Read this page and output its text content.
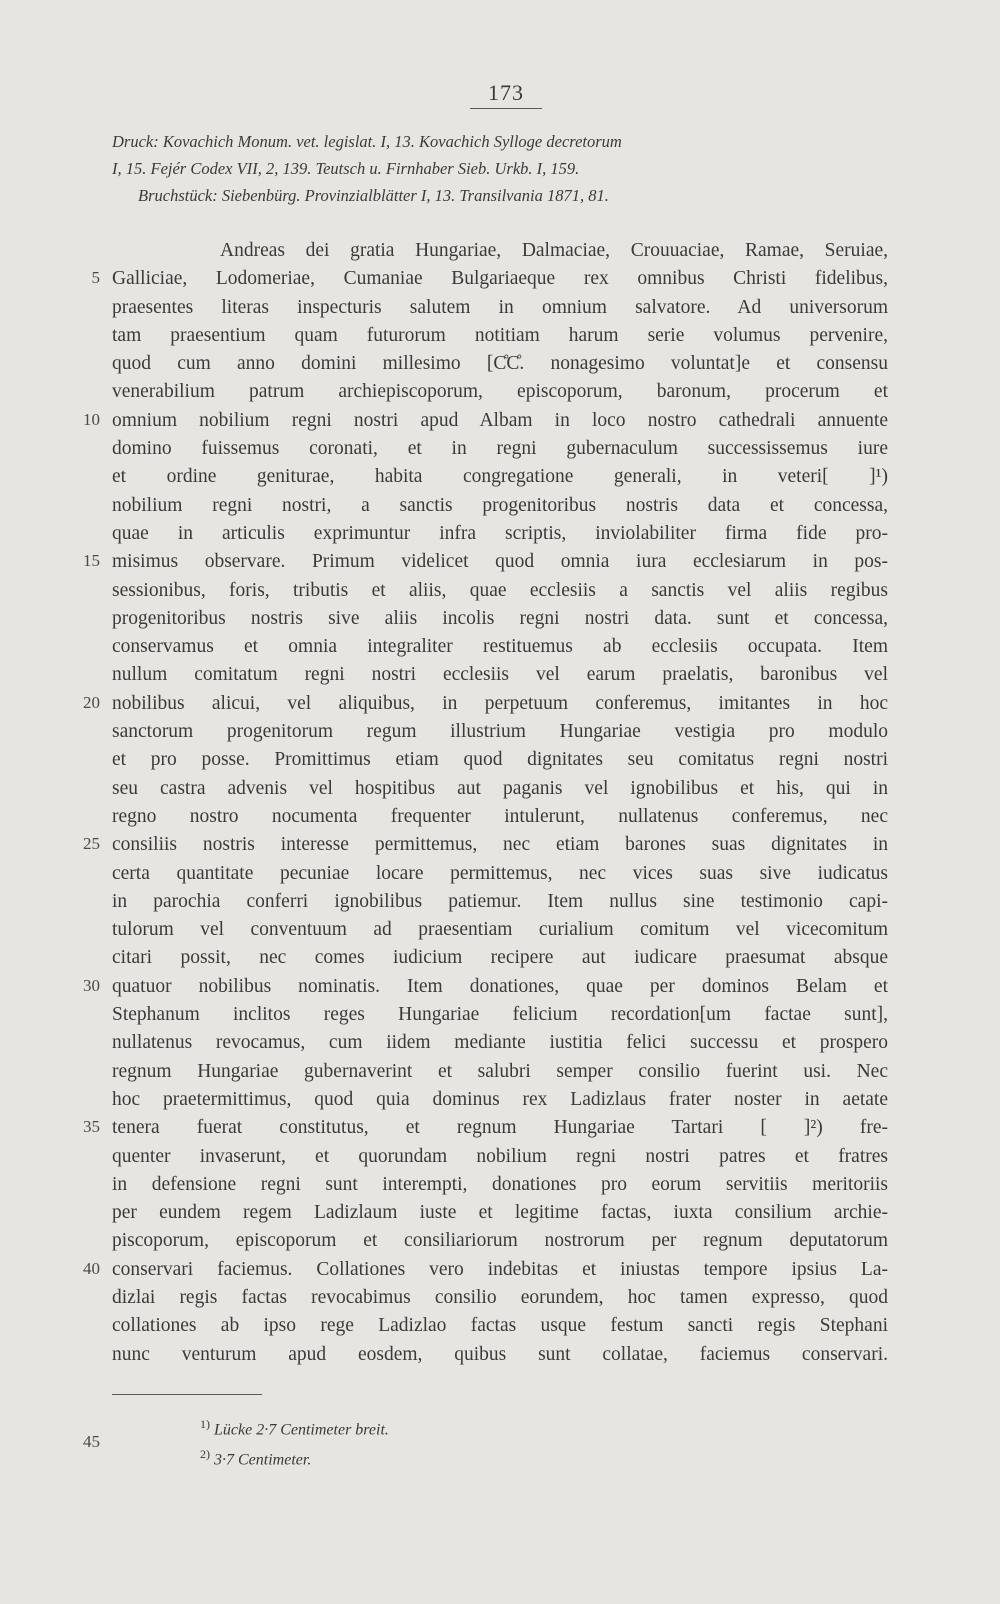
173
Druck: Kovachich Monum. vet. legislat. I, 13. Kovachich Sylloge decretorum
I, 15. Fejér Codex VII, 2, 139. Teutsch u. Firnhaber Sieb. Urkb. I, 159.
Bruchstück: Siebenbürg. Provinzialblätter I, 13. Transilvania 1871, 81.
Andreas dei gratia Hungariae, Dalmaciae, Crouuaciae, Ramae, Seruiae,
Galliciae, Lodomeriae, Cumaniae Bulgariaeque rex omnibus Christi fidelibus,
praesentes literas inspecturis salutem in omnium salvatore. Ad universorum
tam praesentium quam futurorum notitiam harum serie volumus pervenire,
quod cum anno domini millesimo [C̊C̊. nonagesimo voluntat]e et consensu
venerabilium patrum archiepiscoporum, episcoporum, baronum, procerum et
omnium nobilium regni nostri apud Albam in loco nostro cathedrali annuente
domino fuissemus coronati, et in regni gubernaculum successissemus iure
et ordine geniturae, habita congregatione generali, in veteri[ ]¹)
nobilium regni nostri, a sanctis progenitoribus nostris data et concessa,
quae in articulis exprimuntur infra scriptis, inviolabiliter firma fide pro-
misimus observare. Primum videlicet quod omnia iura ecclesiarum in pos-
sessionibus, foris, tributis et aliis, quae ecclesiis a sanctis vel aliis regibus
progenitoribus nostris sive aliis incolis regni nostri data. sunt et concessa,
conservamus et omnia integraliter restituemus ab ecclesiis occupata. Item
nullum comitatum regni nostri ecclesiis vel earum praelatis, baronibus vel
nobilibus alicui, vel aliquibus, in perpetuum conferemus, imitantes in hoc
sanctorum progenitorum regum illustrium Hungariae vestigia pro modulo
et pro posse. Promittimus etiam quod dignitates seu comitatus regni nostri
seu castra advenis vel hospitibus aut paganis vel ignobilibus et his, qui in
regno nostro nocumenta frequenter intulerunt, nullatenus conferemus, nec
consiliis nostris interesse permittemus, nec etiam barones suas dignitates in
certa quantitate pecuniae locare permittemus, nec vices suas sive iudicatus
in parochia conferri ignobilibus patiemur. Item nullus sine testimonio capi-
tulorum vel conventuum ad praesentiam curialium comitum vel vicecomitum
citari possit, nec comes iudicium recipere aut iudicare praesumat absque
quatuor nobilibus nominatis. Item donationes, quae per dominos Belam et
Stephanum inclitos reges Hungariae felicium recordation[um factae sunt],
nullatenus revocamus, cum iidem mediante iustitia felici successu et prospero
regnum Hungariae gubernaverint et salubri semper consilio fuerint usi. Nec
hoc praetermittimus, quod quia dominus rex Ladizlaus frater noster in aetate
tenera fuerat constitutus, et regnum Hungariae Tartari [ ]²) fre-
quenter invaserunt, et quorundam nobilium regni nostri patres et fratres
in defensione regni sunt interempti, donationes pro eorum servitiis meritoriis
per eundem regem Ladizlaum iuste et legitime factas, iuxta consilium archie-
piscoporum, episcoporum et consiliariorum nostrorum per regnum deputatorum
conservari faciemus. Collationes vero indebitas et iniustas tempore ipsius La-
dizlai regis factas revocabimus consilio eorundem, hoc tamen expresso, quod
collationes ab ipso rege Ladizlao factas usque festum sancti regis Stephani
nunc venturum apud eosdem, quibus sunt collatae, faciemus conservari.
5
10
15
20
25
30
35
40
45
$^{1)}$ Lücke 2·7 Centimeter breit.
$^{2)}$ 3·7 Centimeter.
